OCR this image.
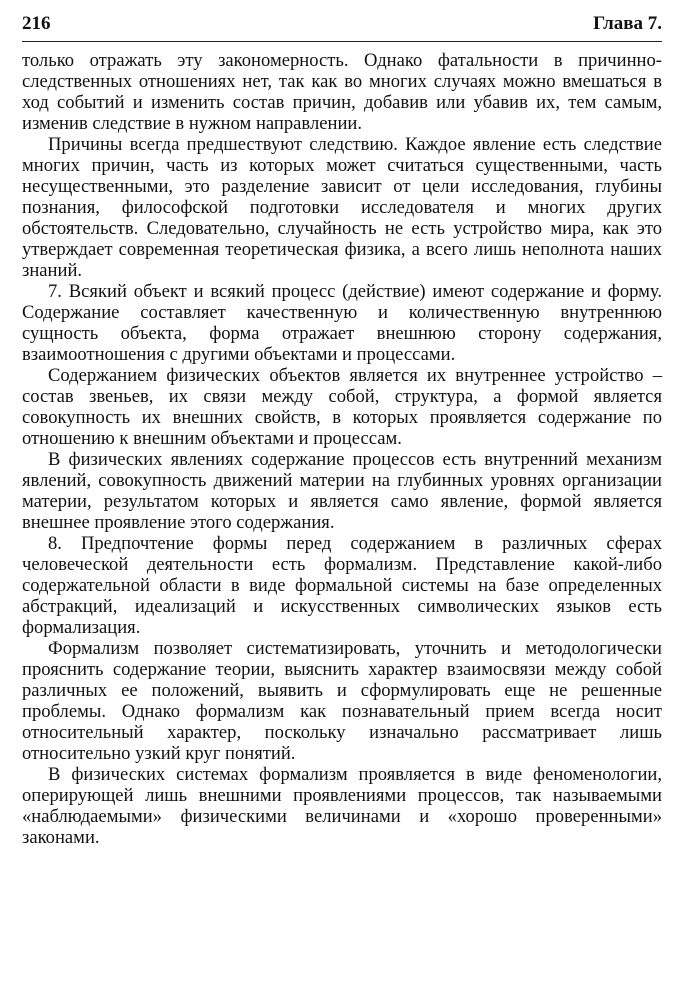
216	Глава 7.

только отражать эту закономерность. Однако фатальности в причинно-следственных отношениях нет, так как во многих случаях можно вмешаться в ход событий и изменить состав причин, добавив или убавив их, тем самым, изменив следствие в нужном направлении.

Причины всегда предшествуют следствию. Каждое явление есть следствие многих причин, часть из которых может считаться существенными, часть несущественными, это разделение зависит от цели исследования, глубины познания, философской подготовки исследователя и многих других обстоятельств. Следовательно, случайность не есть устройство мира, как это утверждает современная теоретическая физика, а всего лишь неполнота наших знаний.

7. Всякий объект и всякий процесс (действие) имеют содержание и форму. Содержание составляет качественную и количественную внутреннюю сущность объекта, форма отражает внешнюю сторону содержания, взаимоотношения с другими объектами и процессами.

Содержанием физических объектов является их внутреннее устройство – состав звеньев, их связи между собой, структура, а формой является совокупность их внешних свойств, в которых проявляется содержание по отношению к внешним объектами и процессам.

В физических явлениях содержание процессов есть внутренний механизм явлений, совокупность движений материи на глубинных уровнях организации материи, результатом которых и является само явление, формой является внешнее проявление этого содержания.

8. Предпочтение формы перед содержанием в различных сферах человеческой деятельности есть формализм. Представление какой-либо содержательной области в виде формальной системы на базе определенных абстракций, идеализаций и искусственных символических языков есть формализация.

Формализм позволяет систематизировать, уточнить и методологически прояснить содержание теории, выяснить характер взаимосвязи между собой различных ее положений, выявить и сформулировать еще не решенные проблемы. Однако формализм как познавательный прием всегда носит относительный характер, поскольку изначально рассматривает лишь относительно узкий круг понятий.

В физических системах формализм проявляется в виде феноменологии, оперирующей лишь внешними проявлениями процессов, так называемыми «наблюдаемыми» физическими величинами и «хорошо проверенными» законами.
